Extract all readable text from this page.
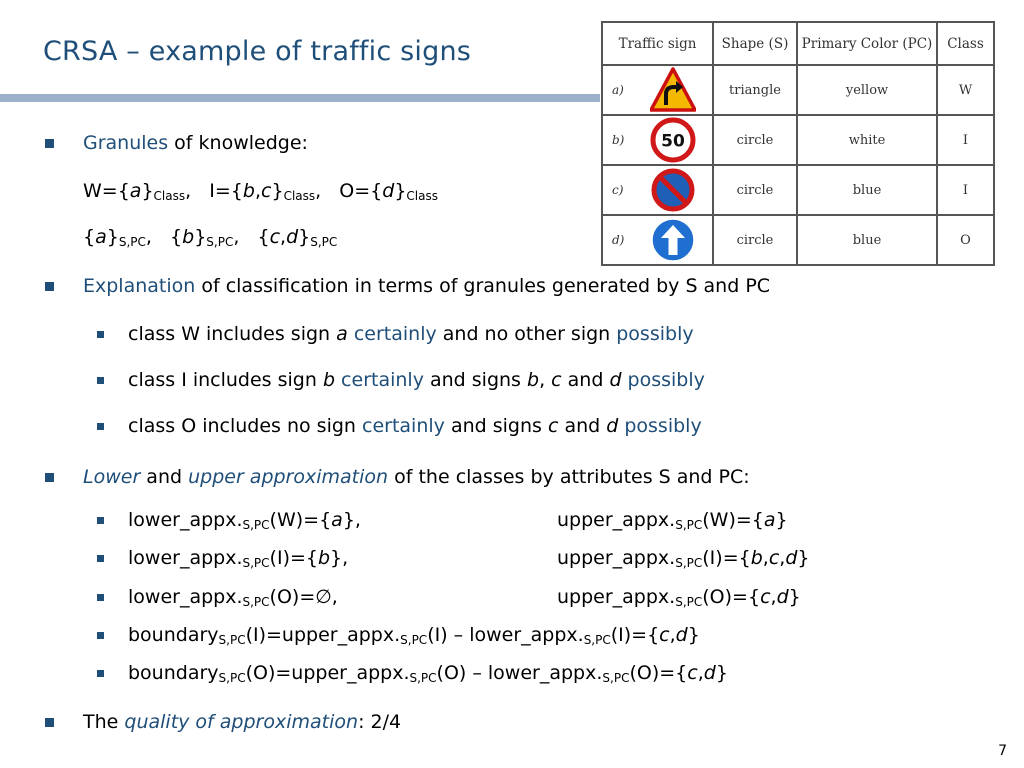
CRSA – example of traffic signs	Traffic sign		Shape (S)	Primary Color (PC)	Class
a)		triangle	yellow	W
b)	50	circle	white	I
c)		circle	blue	I
d)		circle	blue	O
Granules of knowledge:
$W=\{a\}_{Class}$,   $I=\{b,c\}_{Class}$,   $O=\{d\}_{Class}$
$\{a\}_{S,PC}$,   $\{b\}_{S,PC}$,   $\{c,d\}_{S,PC}$
Explanation of classification in terms of granules generated by S and PC
class W includes sign a certainly and no other sign possibly
class I includes sign b certainly and signs b, c and d possibly
class O includes no sign certainly and signs c and d possibly
Lower and upper approximation of the classes by attributes S and PC:
$lower\_appx._{S,PC}(W)=\{a\}$,	$upper\_appx._{S,PC}(W)=\{a\}$
$lower\_appx._{S,PC}(I)=\{b\}$,	$upper\_appx._{S,PC}(I)=\{b,c,d\}$
$lower\_appx._{S,PC}(O)=\emptyset$,	$upper\_appx._{S,PC}(O)=\{c,d\}$
$boundary_{S,PC}(I)=upper\_appx._{S,PC}(I)$ – $lower\_appx._{S,PC}(I)=\{c,d\}$
$boundary_{S,PC}(O)=upper\_appx._{S,PC}(O)$ – $lower\_appx._{S,PC}(O)=\{c,d\}$
The quality of approximation: 2/4
7
